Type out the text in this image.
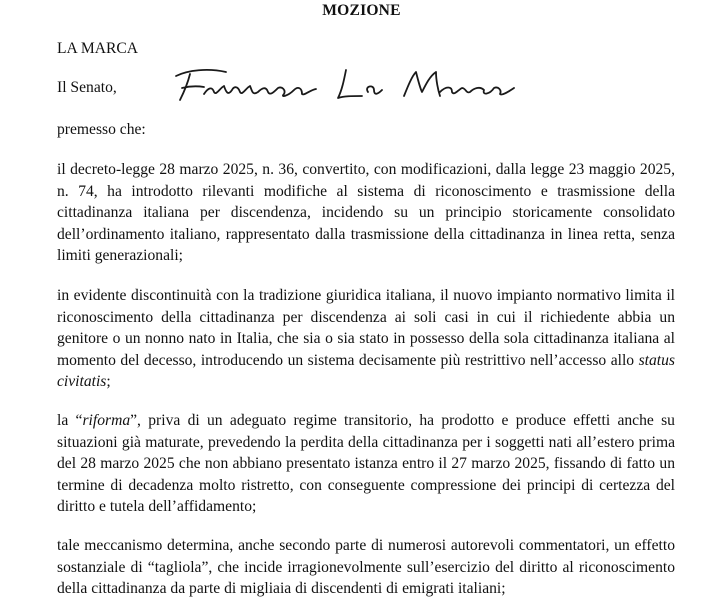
MOZIONE
LA MARCA
Il Senato,
Francesca La Marca
premesso che:

il decreto-legge 28 marzo 2025, n. 36, convertito, con modificazioni, dalla legge 23 maggio 2025, n. 74, ha introdotto rilevanti modifiche al sistema di riconoscimento e trasmissione della cittadinanza italiana per discendenza, incidendo su un principio storicamente consolidato dell’ordinamento italiano, rappresentato dalla trasmissione della cittadinanza in linea retta, senza limiti generazionali;

in evidente discontinuità con la tradizione giuridica italiana, il nuovo impianto normativo limita il riconoscimento della cittadinanza per discendenza ai soli casi in cui il richiedente abbia un genitore o un nonno nato in Italia, che sia o sia stato in possesso della sola cittadinanza italiana al momento del decesso, introducendo un sistema decisamente più restrittivo nell’accesso allo status civitatis;

la “riforma”, priva di un adeguato regime transitorio, ha prodotto e produce effetti anche su situazioni già maturate, prevedendo la perdita della cittadinanza per i soggetti nati all’estero prima del 28 marzo 2025 che non abbiano presentato istanza entro il 27 marzo 2025, fissando di fatto un termine di decadenza molto ristretto, con conseguente compressione dei principi di certezza del diritto e tutela dell’affidamento;

tale meccanismo determina, anche secondo parte di numerosi autorevoli commentatori, un effetto sostanziale di “tagliola”, che incide irragionevolmente sull’esercizio del diritto al riconoscimento della cittadinanza da parte di migliaia di discendenti di emigrati italiani;
